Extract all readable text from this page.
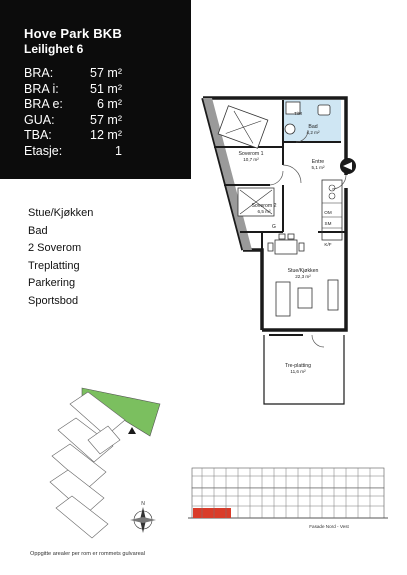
Hove Park BKB
Leilighet 6
BRA:	57 m²
BRA i:	51 m²
BRA e:	6 m²
GUA:	57 m²
TBA:	12 m²
Etasje:	1
Stue/Kjøkken
Bad
2 Soverom
Treplatting
Parkering
Sportsbod
T/M
Bad
4,2 m²
Soverom 1
10,7 m²	Entre
5,1 m²
Soverom 2
6,5 m²
Stue/Kjøkken
22,3 m²
Tre-platting
11,6 m²
G
OM
SM
K/F
N
Fasade Nord - Vest
Oppgitte arealer per rom er rommets gulvareal
